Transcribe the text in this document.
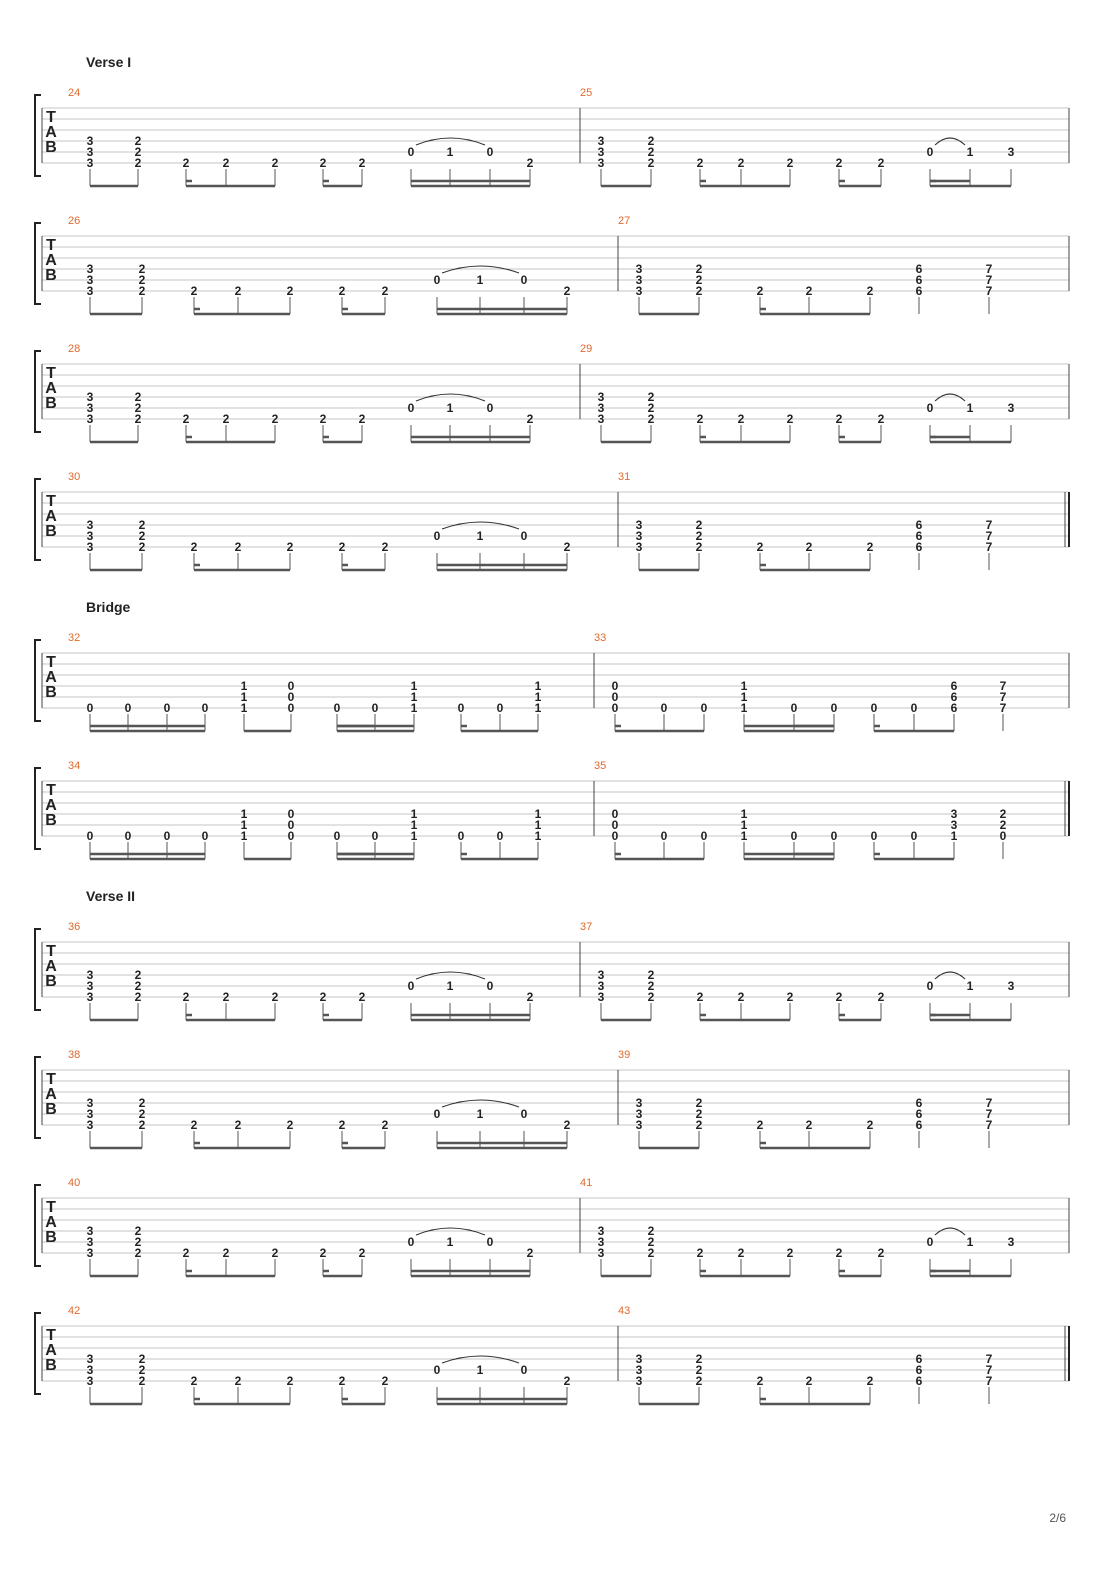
Verse I
T
A
B
24
3
3
3
2
2
2	2	2	2	2	2
0	1	0
2
25
3
3
3
2
2
2	2	2	2	2	2
0	1	3
T
A
B
26
3
3
3
2
2
2	2	2	2	2	2
0	1	0
2
27
3
3
3
2
2
2	2	2	2
6
6
6
7
7
7
T
A
B
28
3
3
3
2
2
2	2	2	2	2	2
0	1	0
2
29
3
3
3
2
2
2	2	2	2	2	2
0	1	3
T
A
B
30
3
3
3
2
2
2	2	2	2	2	2
0	1	0
2
31
3
3
3
2
2
2	2	2	2
6
6
6
7
7
7
Bridge
T
A
B
32
0	0	0	0
1
1
1
0
0
0	0	0
1
1
1	0	0
1
1
1
33
0
0
0	0	0
1
1
1	0	0	0	0
6
6
6
7
7
7
T
A
B
34
0	0	0	0
1
1
1
0
0
0	0	0
1
1
1	0	0
1
1
1
35
0
0
0	0	0
1
1
1	0	0	0	0
3
3
1
2
2
0
Verse II
T
A
B
36
3
3
3
2
2
2	2	2	2	2	2
0	1	0
2
37
3
3
3
2
2
2	2	2	2	2	2
0	1	3
T
A
B
38
3
3
3
2
2
2	2	2	2	2	2
0	1	0
2
39
3
3
3
2
2
2	2	2	2
6
6
6
7
7
7
T
A
B
40
3
3
3
2
2
2	2	2	2	2	2
0	1	0
2
41
3
3
3
2
2
2	2	2	2	2	2
0	1	3
T
A
B
42
3
3
3
2
2
2	2	2	2	2	2
0	1	0
2
43
3
3
3
2
2
2	2	2	2
6
6
6
7
7
7
2/6
